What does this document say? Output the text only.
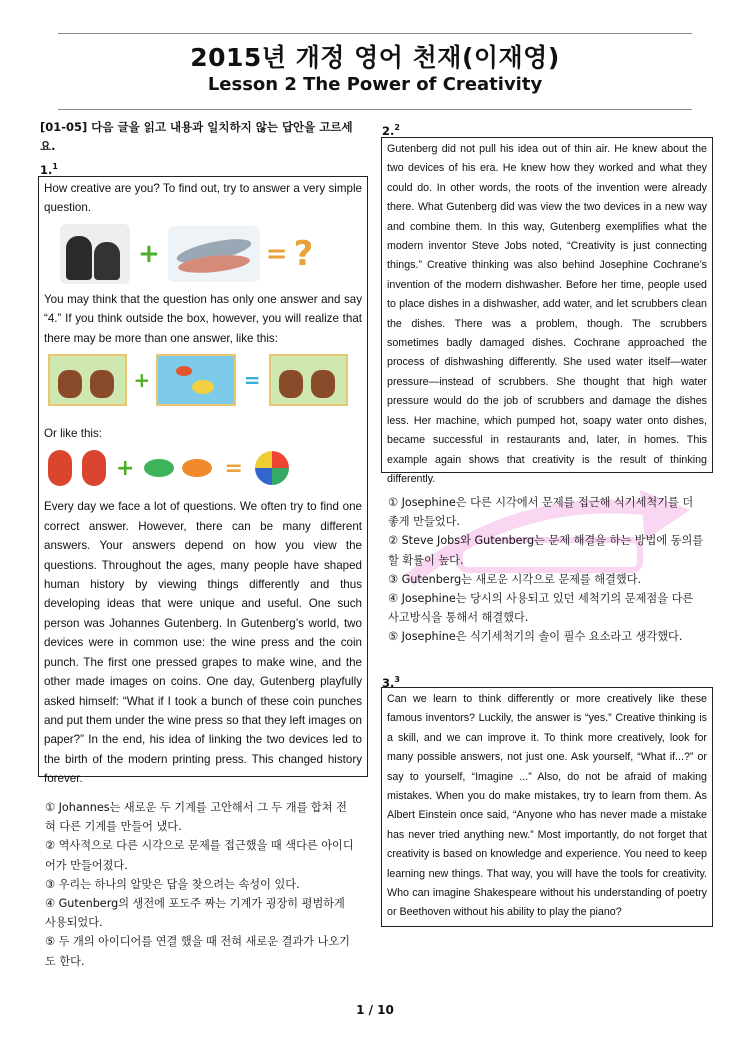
2015년 개정 영어 천재(이재영)
Lesson 2 The Power of Creativity
[01-05] 다음 글을 읽고 내용과 일치하지 않는 답안을 고르세요.
1.$^1$

How creative are you? To find out, try to answer a very simple question.

+	= ?

You may think that the question has only one answer and say “4.” If you think outside the box, however, you will realize that there may be more than one answer, like this:

+	=

Or like this:

+	=

Every day we face a lot of questions. We often try to find one correct answer. However, there can be many different answers. Your answers depend on how you view the questions. Throughout the ages, many people have shaped human history by viewing things differently and thus developing ideas that were unique and useful. One such person was Johannes Gutenberg. In Gutenberg’s world, two devices were in common use: the wine press and the coin punch. The first one pressed grapes to make wine, and the other made images on coins. One day, Gutenberg playfully asked himself: “What if I took a bunch of these coin punches and put them under the wine press so that they left images on paper?” In the end, his idea of linking the two devices led to the birth of the modern printing press. This changed history forever.

① Johannes는 새로운 두 기계를 고안해서 그 두 개를 합쳐 전혀 다른 기계를 만들어 냈다.
② 역사적으로 다른 시각으로 문제를 접근했을 때 색다른 아이디어가 만들어졌다.
③ 우리는 하나의 알맞은 답을 찾으려는 속성이 있다.
④ Gutenberg의 생전에 포도주 짜는 기계가 굉장히 평범하게 사용되었다.
⑤ 두 개의 아이디어를 연결 했을 때 전혀 새로운 결과가 나오기도 한다.
2.$^2$

Gutenberg did not pull his idea out of thin air. He knew about the two devices of his era. He knew how they worked and what they could do. In other words, the roots of the invention were already there. What Gutenberg did was view the two devices in a new way and combine them. In this way, Gutenberg exemplifies what the modern inventor Steve Jobs noted, “Creativity is just connecting things.” Creative thinking was also behind Josephine Cochrane’s invention of the modern dishwasher. Before her time, people used to place dishes in a dishwasher, add water, and let scrubbers clean the dishes. There was a problem, though. The scrubbers sometimes badly damaged dishes. Cochrane approached the process of dishwashing differently. She used water itself—water pressure—instead of scrubbers. She thought that high water pressure would do the job of scrubbers and damage the dishes less. Her machine, which pumped hot, soapy water onto dishes, became successful in restaurants and, later, in homes. This example again shows that creativity is the result of thinking differently.

① Josephine은 다른 시각에서 문제를 접근해 식기세척기를 더 좋게 만들었다.
② Steve Jobs와 Gutenberg는 문제 해결을 하는 방법에 동의를 할 확률이 높다.
③ Gutenberg는 새로운 시각으로 문제를 해결했다.
④ Josephine는 당시의 사용되고 있던 세척기의 문제점을 다른 사고방식을 통해서 해결했다.
⑤ Josephine은 식기세척기의 솔이 필수 요소라고 생각했다.
3.$^3$

Can we learn to think differently or more creatively like these famous inventors? Luckily, the answer is “yes.” Creative thinking is a skill, and we can improve it. To think more creatively, look for many possible answers, not just one. Ask yourself, “What if...?” or say to yourself, “Imagine ...” Also, do not be afraid of making mistakes. When you do make mistakes, try to learn from them. As Albert Einstein once said, “Anyone who has never made a mistake has never tried anything new.” Most importantly, do not forget that creativity is based on knowledge and experience. You need to keep learning new things. That way, you will have the tools for creativity. Who can imagine Shakespeare without his understanding of poetry or Beethoven without his ability to play the piano?

1 / 10
